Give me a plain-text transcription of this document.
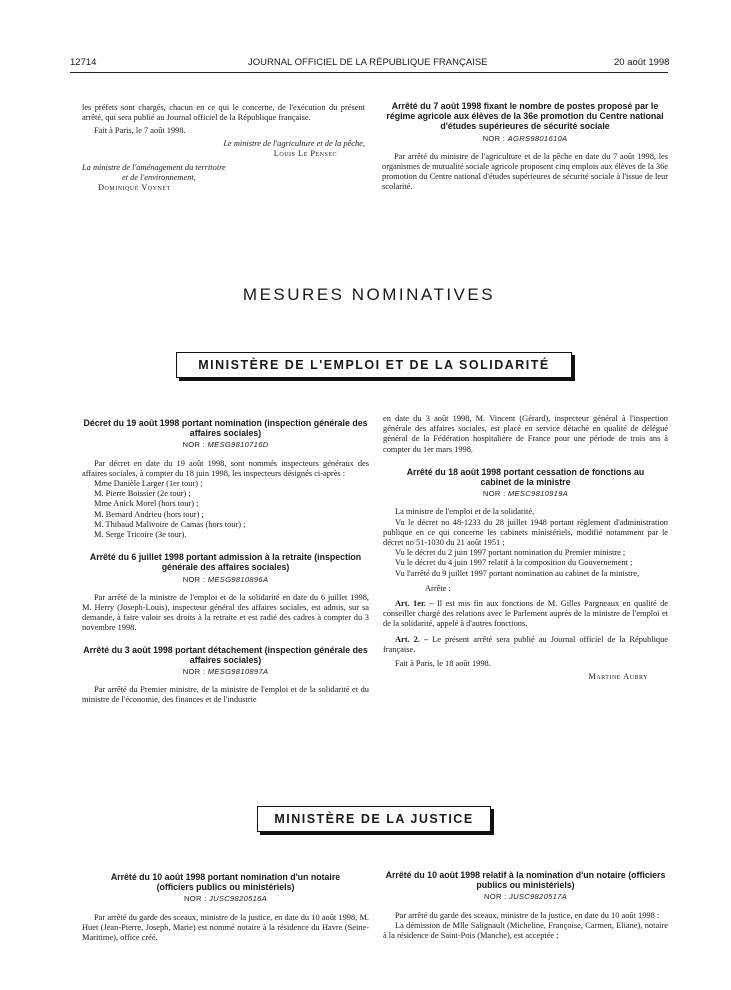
12714	JOURNAL OFFICIEL DE LA RÉPUBLIQUE FRANÇAISE	20 août 1998

les préfets sont chargés, chacun en ce qui le concerne, de l'exécution du présent arrêté, qui sera publié au Journal officiel de la République française.

Fait à Paris, le 7 août 1998.

Le ministre de l'agriculture et de la pêche,

Louis Le Pensec

La ministre de l'aménagement du territoire

et de l'environnement,

Dominique Voynet

Arrêté du 7 août 1998 fixant le nombre de postes proposé par le régime agricole aux élèves de la 36e promotion du Centre national d'études supérieures de sécurité sociale

NOR : AGRS9801610A

Par arrêté du ministre de l'agriculture et de la pêche en date du 7 août 1998, les organismes de mutualité sociale agricole proposent cinq emplois aux élèves de la 36e promotion du Centre national d'études supérieures de sécurité sociale à l'issue de leur scolarité.

MESURES NOMINATIVES
MINISTÈRE DE L'EMPLOI ET DE LA SOLIDARITÉ

Décret du 19 août 1998 portant nomination (inspection générale des affaires sociales)

NOR : MESG9810716D

Par décret en date du 19 août 1998, sont nommés inspecteurs généraux des affaires sociales, à compter du 18 juin 1998, les inspecteurs désignés ci-après :

Mme Danièle Larger (1er tour) ;

M. Pierre Boissier (2e tour) ;

Mme Anick Morel (hors tour) ;

M. Bernard Andrieu (hors tour) ;

M. Thibaud Malivoire de Camas (hors tour) ;

M. Serge Tricoire (3e tour).

Arrêté du 6 juillet 1998 portant admission à la retraite (inspection générale des affaires sociales)

NOR : MESG9810896A

Par arrêté de la ministre de l'emploi et de la solidarité en date du 6 juillet 1998, M. Herry (Joseph-Louis), inspecteur général des affaires sociales, est admis, sur sa demande, à faire valoir ses droits à la retraite et est radié des cadres à compter du 3 novembre 1998.

Arrêté du 3 août 1998 portant détachement (inspection générale des affaires sociales)

NOR : MESG9810897A

Par arrêté du Premier ministre, de la ministre de l'emploi et de la solidarité et du ministre de l'économie, des finances et de l'industrie

en date du 3 août 1998, M. Vincent (Gérard), inspecteur général à l'inspection générale des affaires sociales, est placé en service détaché en qualité de délégué général de la Fédération hospitalière de France pour une période de trois ans à compter du 1er mars 1998.

Arrêté du 18 août 1998 portant cessation de fonctions au cabinet de la ministre

NOR : MESC9810919A

La ministre de l'emploi et de la solidarité,

Vu le décret no 48-1233 du 28 juillet 1948 portant règlement d'administration publique en ce qui concerne les cabinets ministériels, modifié notamment par le décret no 51-1030 du 21 août 1951 ;

Vu le décret du 2 juin 1997 portant nomination du Premier ministre ;

Vu le décret du 4 juin 1997 relatif à la composition du Gouvernement ;

Vu l'arrêté du 9 juillet 1997 portant nomination au cabinet de la ministre,

Arrête :

Art. 1er. – Il est mis fin aux fonctions de M. Gilles Pargneaux en qualité de conseiller chargé des relations avec le Parlement auprès de la ministre de l'emploi et de la solidarité, appelé à d'autres fonctions.

Art. 2. – Le présent arrêté sera publié au Journal officiel de la République française.

Fait à Paris, le 18 août 1998.

Martine Aubry

MINISTÈRE DE LA JUSTICE

Arrêté du 10 août 1998 portant nomination d'un notaire (officiers publics ou ministériels)

NOR : JUSC9820516A

Par arrêté du garde des sceaux, ministre de la justice, en date du 10 août 1998, M. Huet (Jean-Pierre, Joseph, Marie) est nommé notaire à la résidence du Havre (Seine-Maritime), office créé.

Arrêté du 10 août 1998 relatif à la nomination d'un notaire (officiers publics ou ministériels)

NOR : JUSC9820517A

Par arrêté du garde des sceaux, ministre de la justice, en date du 10 août 1998 :

La démission de Mlle Salignault (Micheline, Françoise, Carmen, Eliane), notaire à la résidence de Saint-Pois (Manche), est acceptée ;
